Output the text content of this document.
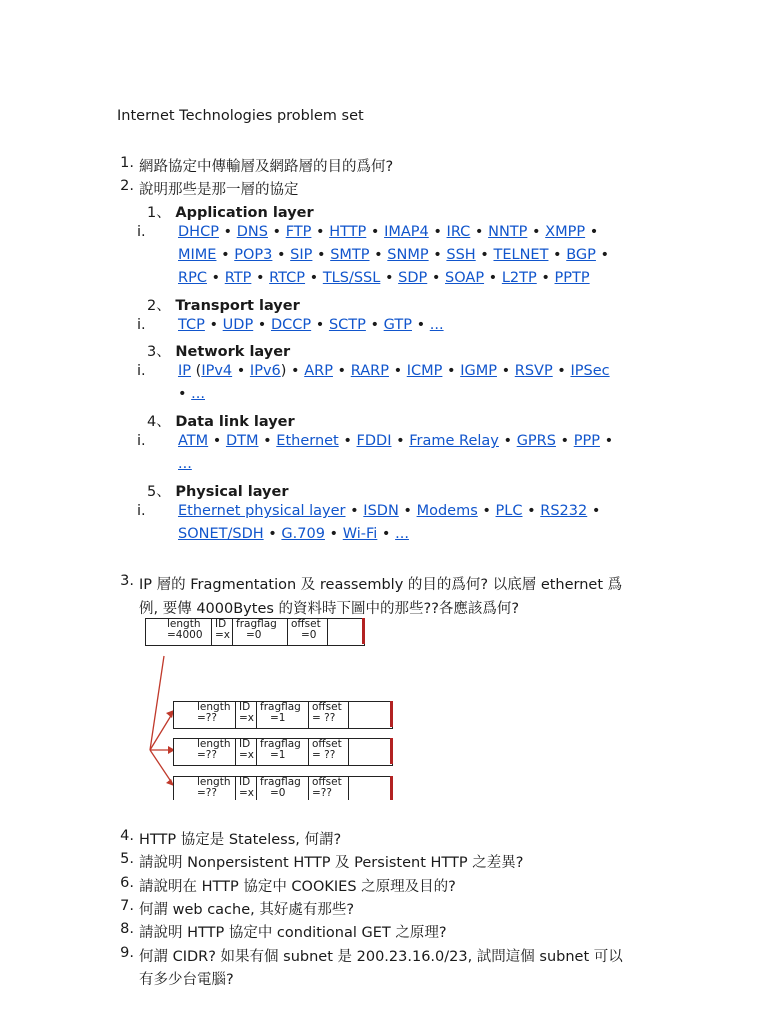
Internet Technologies problem set
1. 網路協定中傳輸層及網路層的目的爲何?
2. 說明那些是那一層的協定
1、 Application layer
i. DHCP • DNS • FTP • HTTP • IMAP4 • IRC • NNTP • XMPP •
MIME • POP3 • SIP • SMTP • SNMP • SSH • TELNET • BGP •
RPC • RTP • RTCP • TLS/SSL • SDP • SOAP • L2TP • PPTP
2、 Transport layer
i. TCP • UDP • DCCP • SCTP • GTP • ...
3、 Network layer
i. IP (IPv4 • IPv6) • ARP • RARP • ICMP • IGMP • RSVP • IPSec
• ...
4、 Data link layer
i. ATM • DTM • Ethernet • FDDI • Frame Relay • GPRS • PPP •
...
5、 Physical layer
i. Ethernet physical layer • ISDN • Modems • PLC • RS232 •
SONET/SDH • G.709 • Wi-Fi • ...
3. IP 層的 Fragmentation 及 reassembly 的目的爲何? 以底層 ethernet 爲
例, 要傳 4000Bytes 的資料時下圖中的那些??各應該爲何?
length
=4000
ID
=x
fragflag
=0
offset
=0
length
=??
ID
=x
fragflag
=1
offset
= ??
length
=??
ID
=x
fragflag
=1
offset
= ??
length
=??
ID
=x
fragflag
=0
offset
=??
4. HTTP 協定是 Stateless, 何謂?
5. 請說明 Nonpersistent HTTP 及 Persistent HTTP 之差異?
6. 請說明在 HTTP 協定中 COOKIES 之原理及目的?
7. 何謂 web cache, 其好處有那些?
8. 請說明 HTTP 協定中 conditional GET 之原理?
9. 何謂 CIDR? 如果有個 subnet 是 200.23.16.0/23, 試問這個 subnet 可以
有多少台電腦?
